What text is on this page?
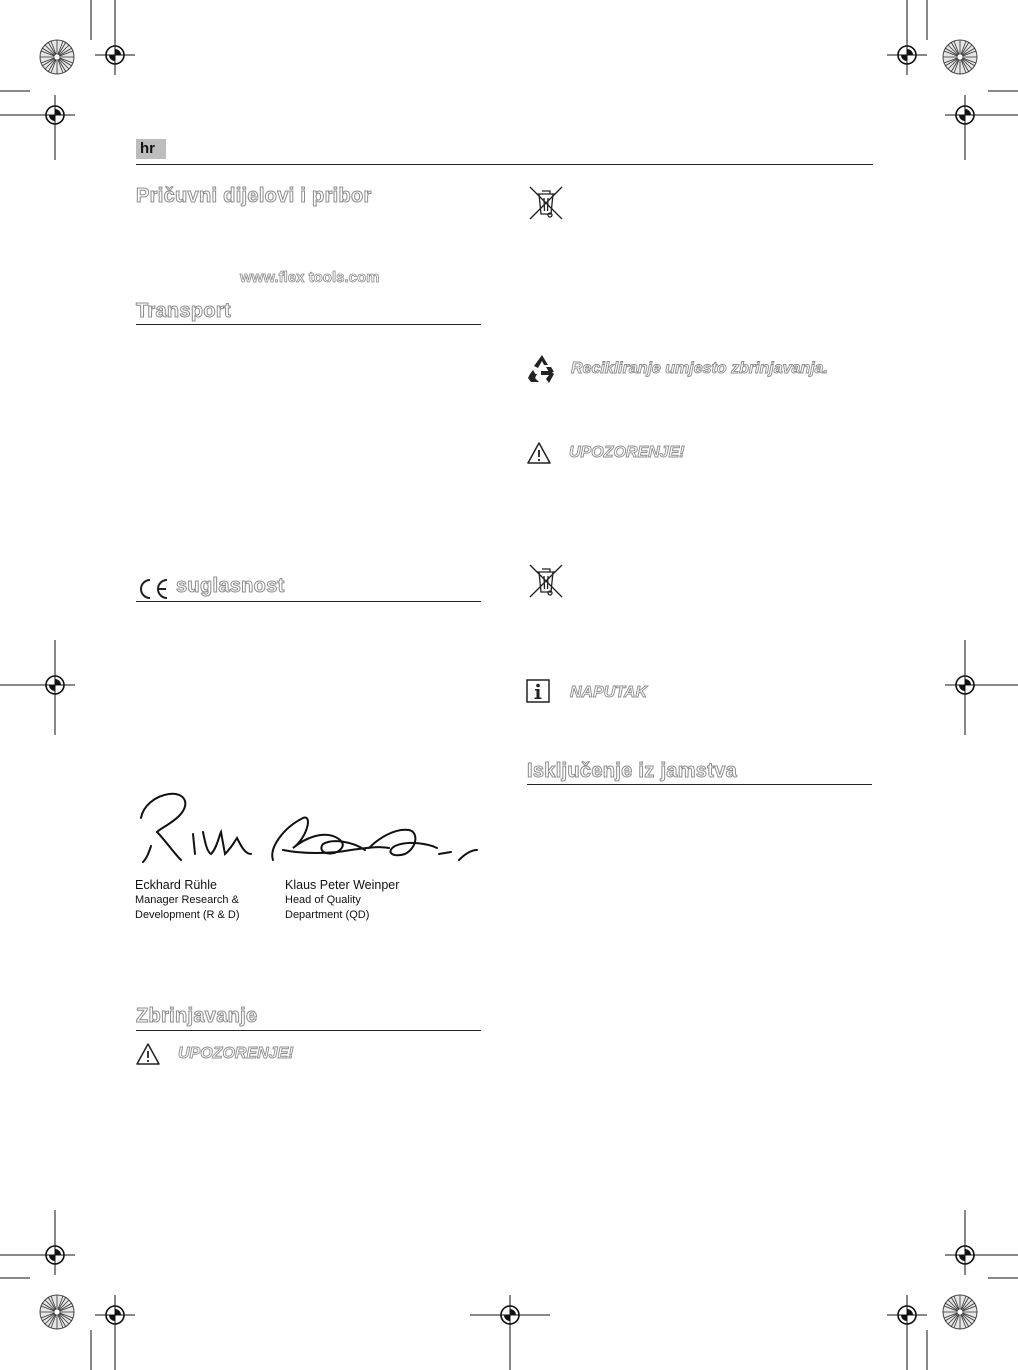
hr
Pričuvni dijelovi i pribor
www.flex tools.com
Transport
suglasnost
Eckhard Rühle
Manager Research &
Development (R & D)
Klaus Peter Weinper
Head of Quality
Department (QD)
Zbrinjavanje
UPOZORENJE!
Recikliranje umjesto zbrinjavanja.
UPOZORENJE!
NAPUTAK
Isključenje iz jamstva
